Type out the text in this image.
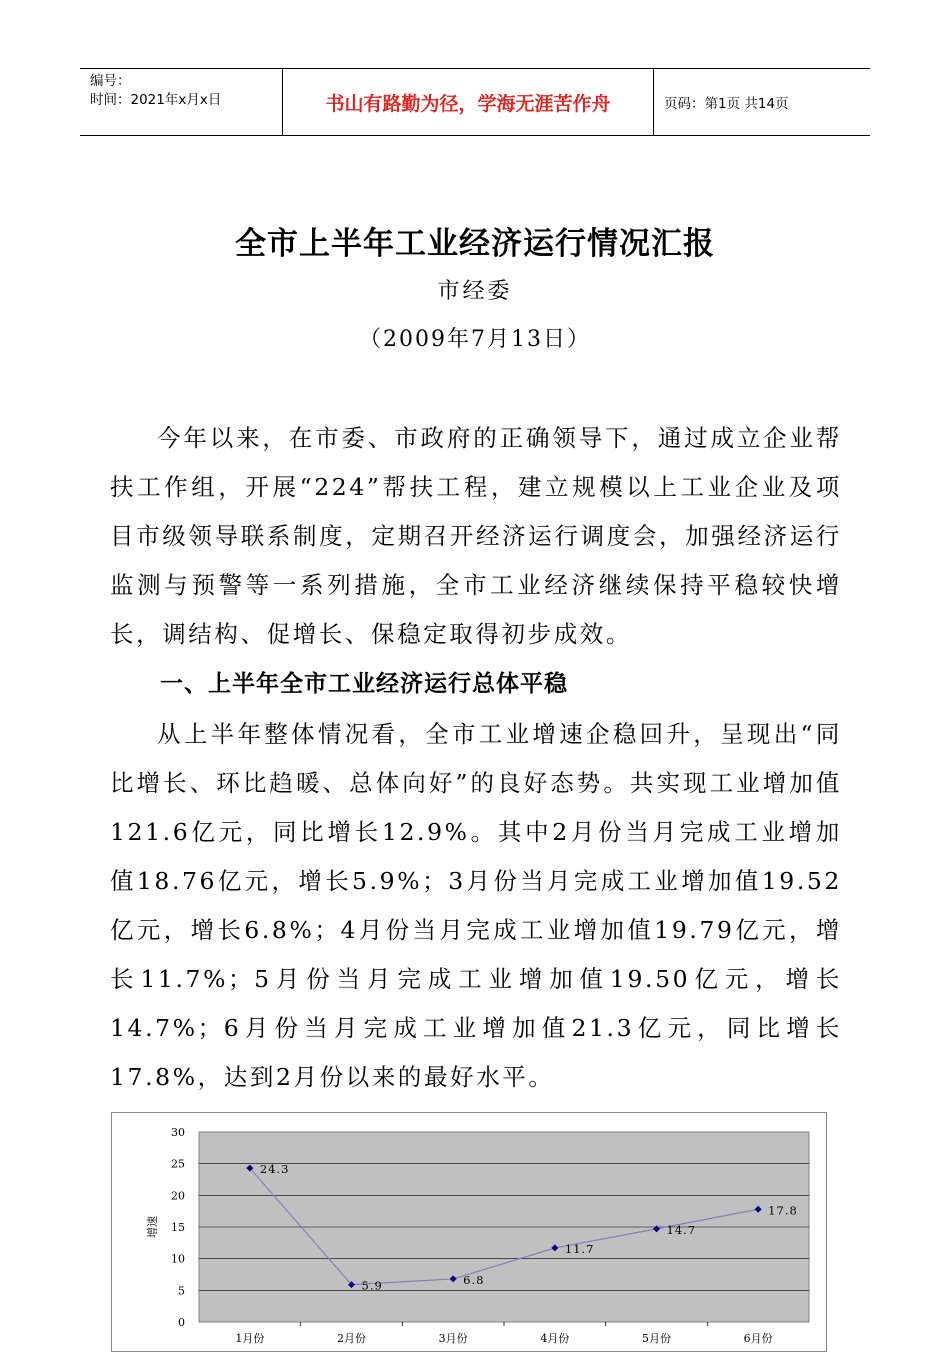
编号：
时间：2021年x月x日	书山有路勤为径，学海无涯苦作舟	页码：第1页 共14页
全市上半年工业经济运行情况汇报
市经委
（2009年7月13日）

今年以来，在市委、市政府的正确领导下，通过成立企业帮扶工作组，开展“224”帮扶工程，建立规模以上工业企业及项目市级领导联系制度，定期召开经济运行调度会，加强经济运行监测与预警等一系列措施，全市工业经济继续保持平稳较快增长，调结构、促增长、保稳定取得初步成效。

一、上半年全市工业经济运行总体平稳

从上半年整体情况看，全市工业增速企稳回升，呈现出“同比增长、环比趋暖、总体向好”的良好态势。共实现工业增加值121.6亿元，同比增长12.9%。其中2月份当月完成工业增加值18.76亿元，增长5.9%；3月份当月完成工业增加值19.52亿元，增长6.8%；4月份当月完成工业增加值19.79亿元，增长11.7%；5月份当月完成工业增加值19.50亿元，增长14.7%；6月份当月完成工业增加值21.3亿元，同比增长17.8%，达到2月份以来的最好水平。

0
5
10
15
20
25
30
1月份	2月份	3月份	4月份	5月份	6月份
增速
24.3
5.9	6.8
11.7
14.7
17.8
